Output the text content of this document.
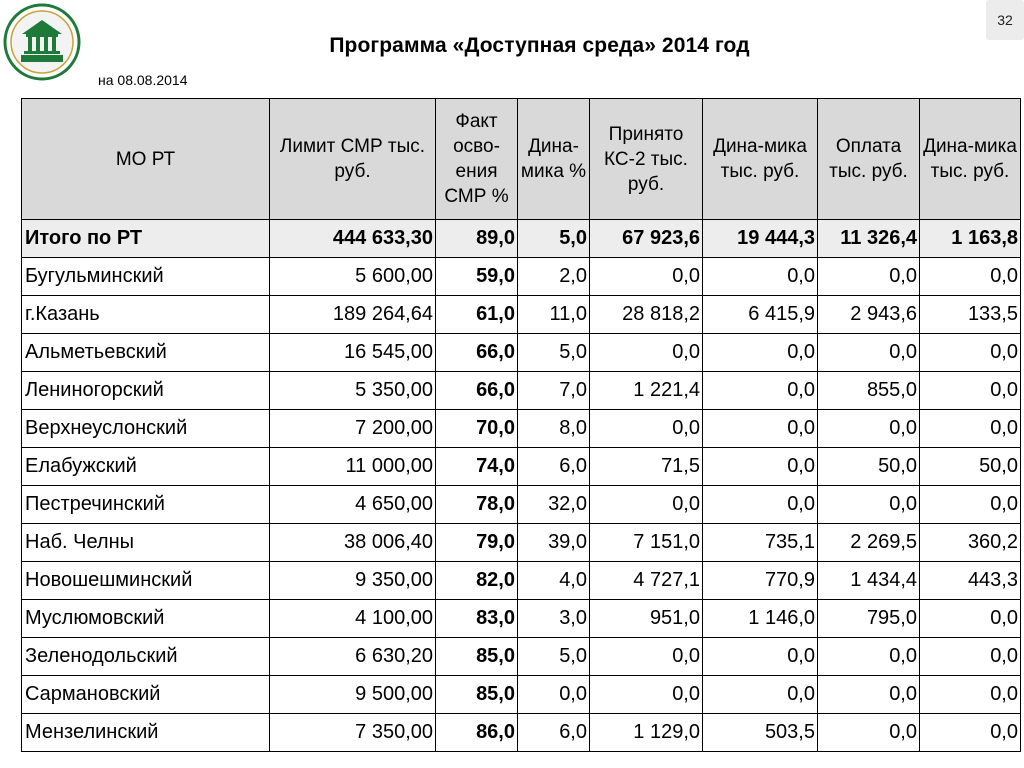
32
Программа «Доступная среда» 2014 год
на 08.08.2014
МО РТ	Лимит СМР тыс. руб.	Факт осво-ения СМР %	Дина-мика %	Принято КС-2 тыс. руб.	Дина-мика тыс. руб.	Оплата тыс. руб.	Дина-мика тыс. руб.
Итого по РТ	444 633,30	89,0	5,0	67 923,6	19 444,3	11 326,4	1 163,8
Бугульминский	5 600,00	59,0	2,0	0,0	0,0	0,0	0,0
г.Казань	189 264,64	61,0	11,0	28 818,2	6 415,9	2 943,6	133,5
Альметьевский	16 545,00	66,0	5,0	0,0	0,0	0,0	0,0
Лениногорский	5 350,00	66,0	7,0	1 221,4	0,0	855,0	0,0
Верхнеуслонский	7 200,00	70,0	8,0	0,0	0,0	0,0	0,0
Елабужский	11 000,00	74,0	6,0	71,5	0,0	50,0	50,0
Пестречинский	4 650,00	78,0	32,0	0,0	0,0	0,0	0,0
Наб. Челны	38 006,40	79,0	39,0	7 151,0	735,1	2 269,5	360,2
Новошешминский	9 350,00	82,0	4,0	4 727,1	770,9	1 434,4	443,3
Муслюмовский	4 100,00	83,0	3,0	951,0	1 146,0	795,0	0,0
Зеленодольский	6 630,20	85,0	5,0	0,0	0,0	0,0	0,0
Сармановский	9 500,00	85,0	0,0	0,0	0,0	0,0	0,0
Мензелинский	7 350,00	86,0	6,0	1 129,0	503,5	0,0	0,0
